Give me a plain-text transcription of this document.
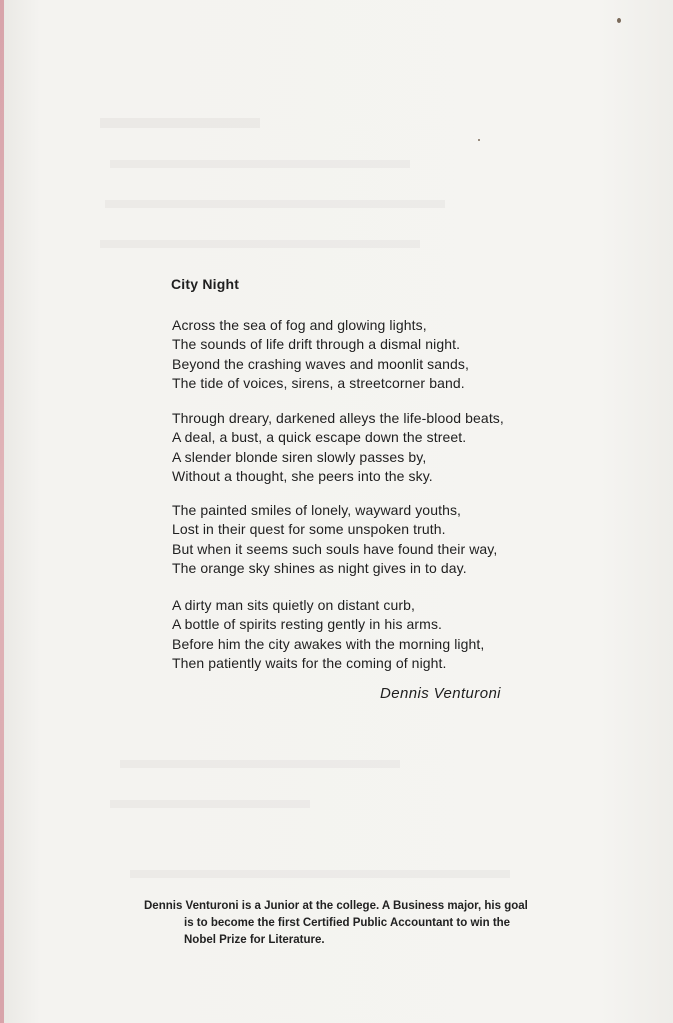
City Night
Across the sea of fog and glowing lights,
The sounds of life drift through a dismal night.
Beyond the crashing waves and moonlit sands,
The tide of voices, sirens, a streetcorner band.
Through dreary, darkened alleys the life-blood beats,
A deal, a bust, a quick escape down the street.
A slender blonde siren slowly passes by,
Without a thought, she peers into the sky.
The painted smiles of lonely, wayward youths,
Lost in their quest for some unspoken truth.
But when it seems such souls have found their way,
The orange sky shines as night gives in to day.
A dirty man sits quietly on distant curb,
A bottle of spirits resting gently in his arms.
Before him the city awakes with the morning light,
Then patiently waits for the coming of night.
Dennis Venturoni
Dennis Venturoni is a Junior at the college. A Business major, his goal
is to become the first Certified Public Accountant to win the
Nobel Prize for Literature.
